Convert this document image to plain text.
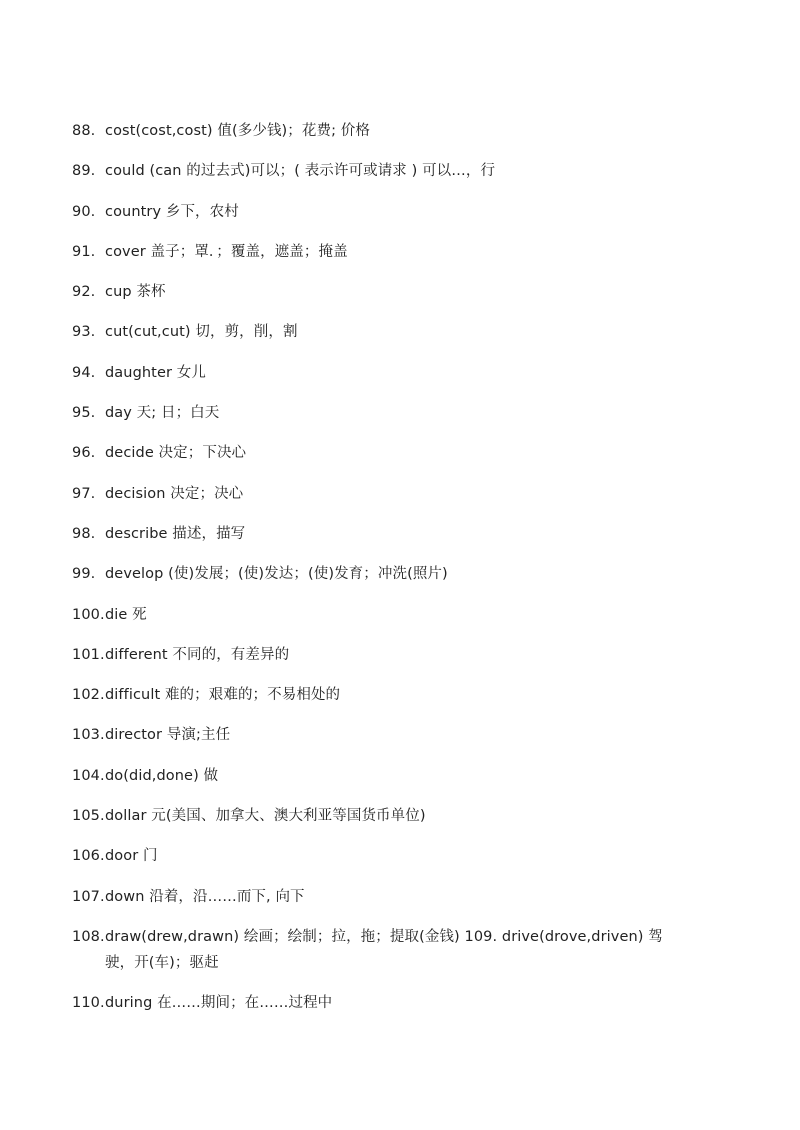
88. cost(cost,cost) 值(多少钱)；花费; 价格
89. could (can 的过去式)可以；( 表示许可或请求 ) 可以…，行
90. country 乡下，农村
91. cover 盖子；罩．；覆盖，遮盖；掩盖
92. cup 茶杯
93. cut(cut,cut) 切，剪，削，割
94. daughter 女儿
95. day 天; 日；白天
96. decide 决定；下决心
97. decision 决定；决心
98. describe 描述，描写
99. develop (使)发展；(使)发达；(使)发育；冲洗(照片)
100. die 死
101. different 不同的，有差异的
102. difficult 难的；艰难的；不易相处的
103. director 导演;主任
104. do(did,done) 做
105. dollar 元(美国、加拿大、澳大利亚等国货币单位)
106. door 门
107. down 沿着，沿……而下, 向下
108. draw(drew,drawn) 绘画；绘制；拉，拖；提取(金钱) 109. drive(drove,driven) 驾驶，开(车)；驱赶
110. during 在……期间；在……过程中
